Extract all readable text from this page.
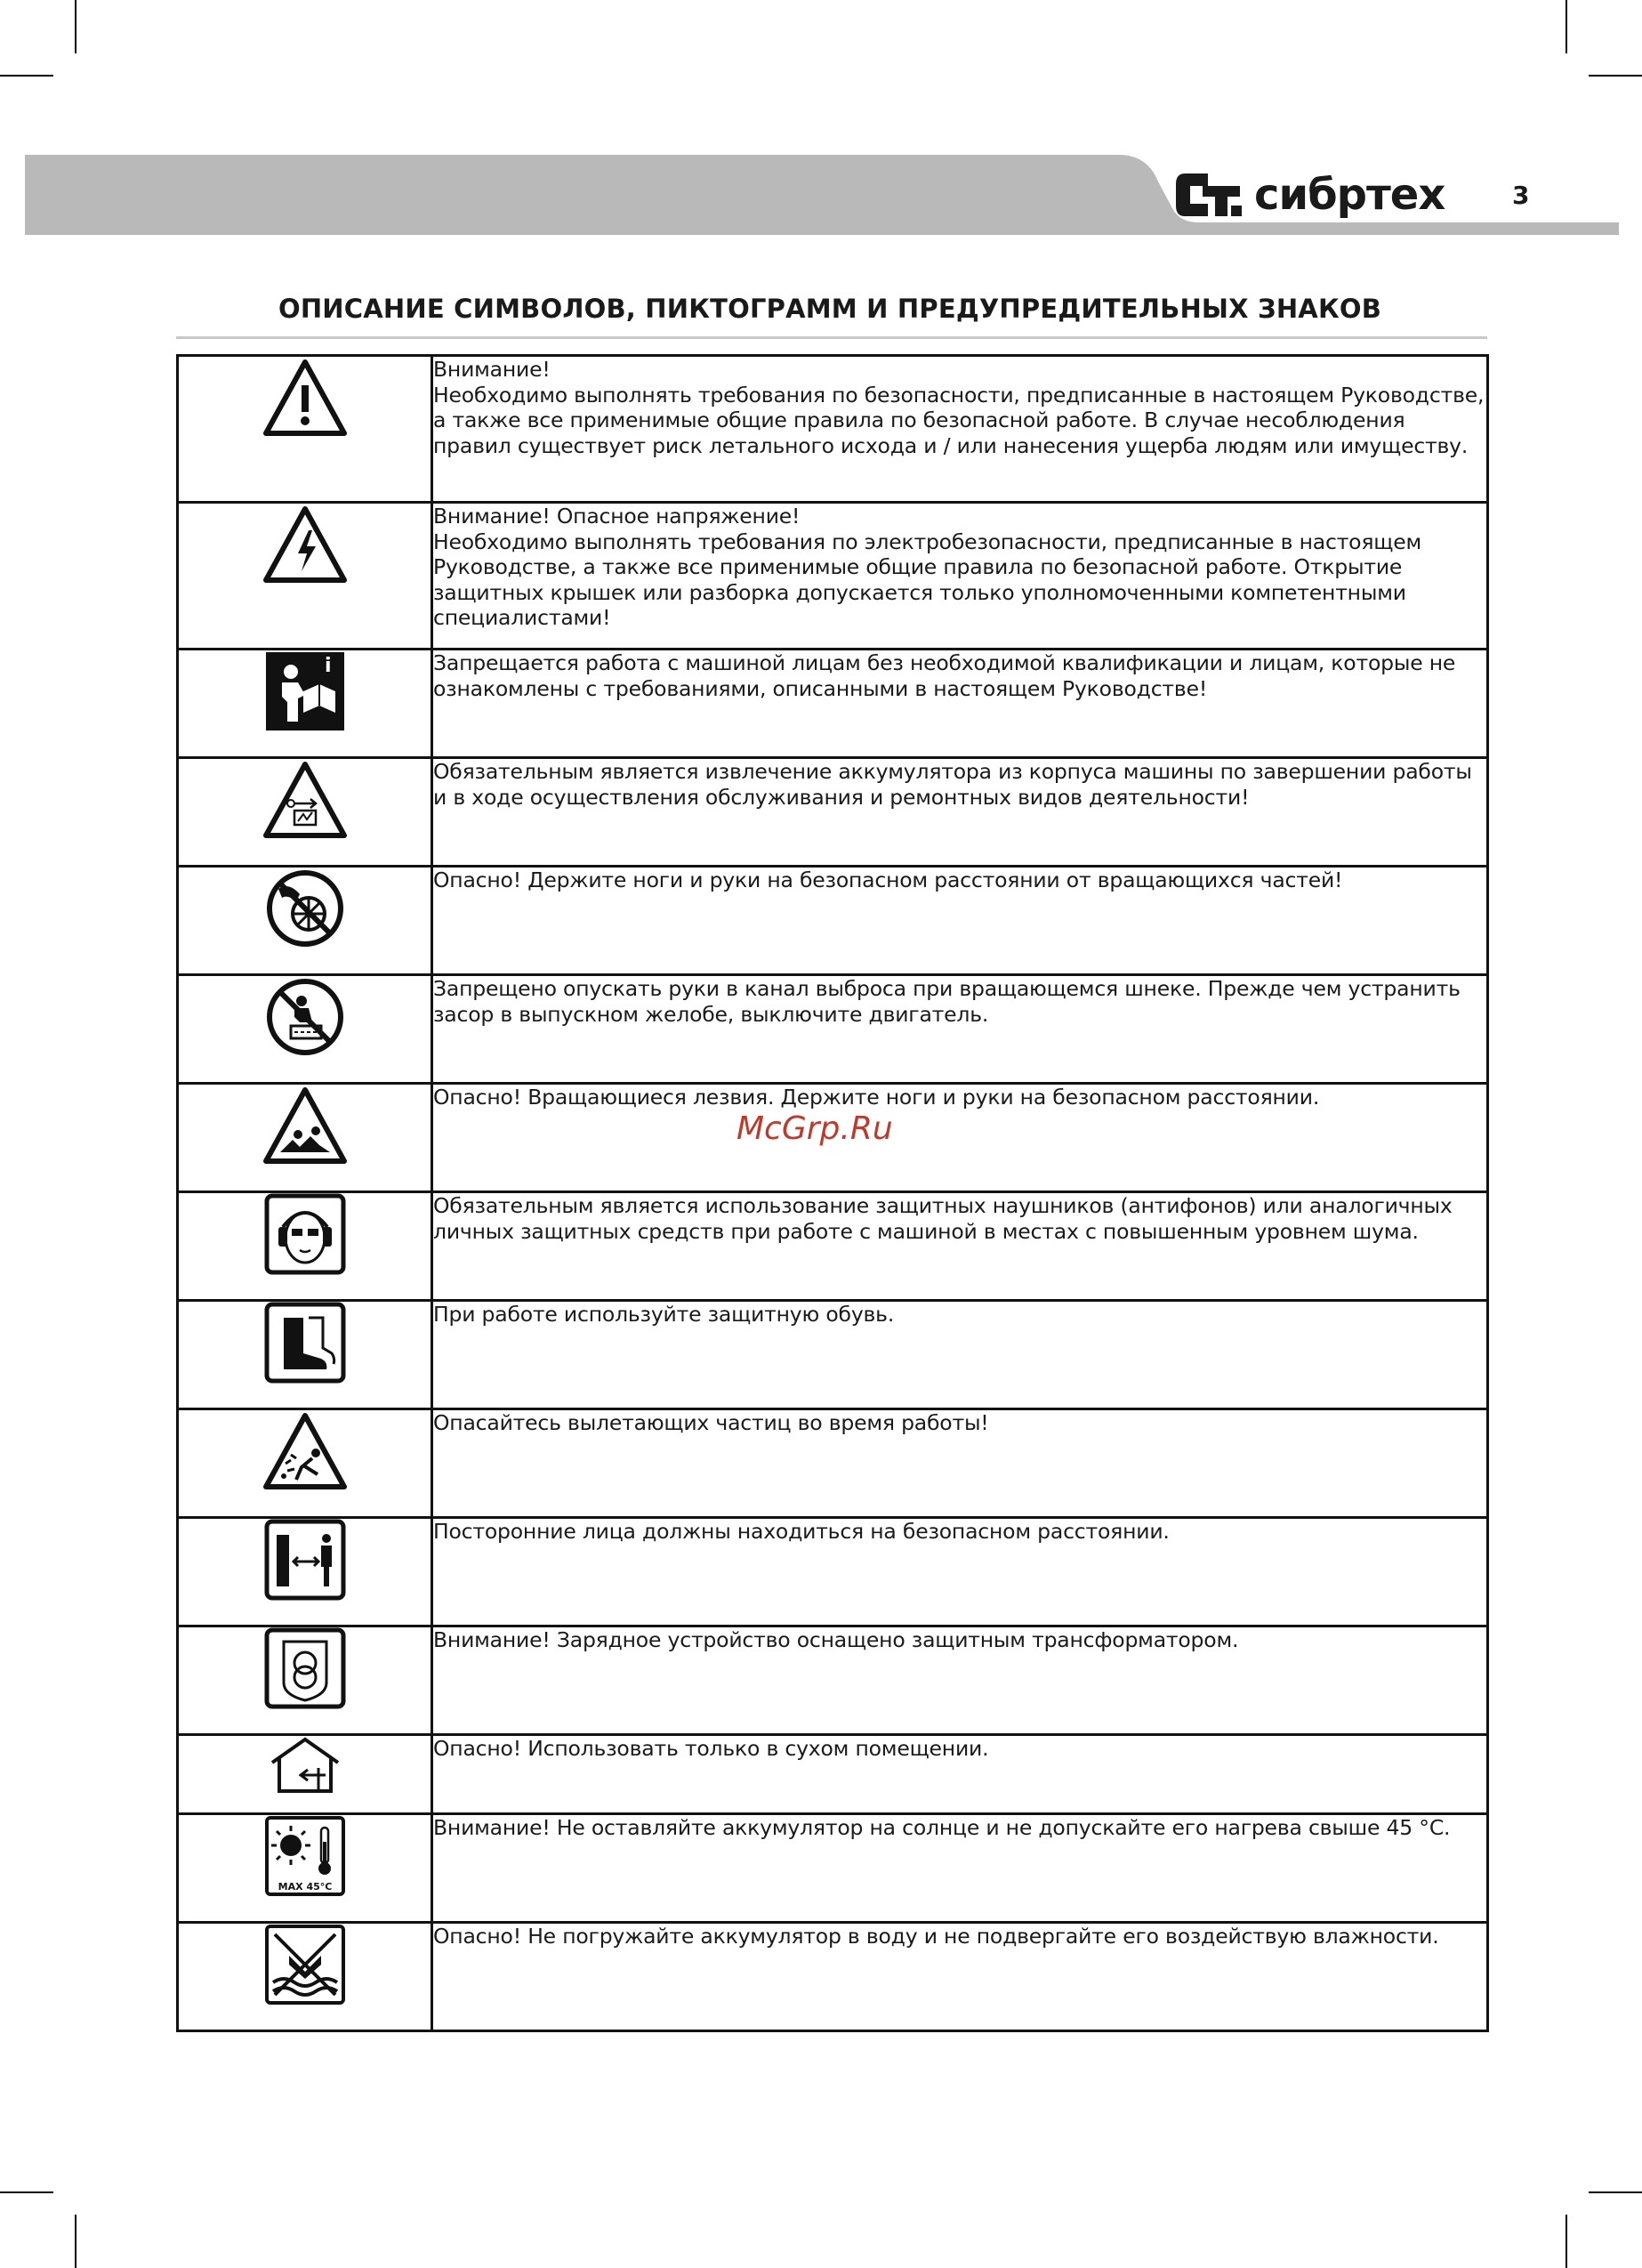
сибртех	3
ОПИСАНИЕ СИМВОЛОВ, ПИКТОГРАММ И ПРЕДУПРЕДИТЕЛЬНЫХ ЗНАКОВ
	Внимание!
Необходимо выполнять требования по безопасности, предписанные в настоящем Руководстве, а также все применимые общие правила по безопасной работе. В случае несоблюдения правил существует риск летального исхода и / или нанесения ущерба людям или имуществу.
	Внимание! Опасное напряжение!
Необходимо выполнять требования по электробезопасности, предписанные в настоящем Руководстве, а также все применимые общие правила по безопасной работе. Открытие защитных крышек или разборка допускается только уполномоченными компетентными специалистами!

i	Запрещается работа с машиной лицам без необходимой квалификации и лицам, которые не ознакомлены с требованиями, описанными в настоящем Руководстве!
	Обязательным является извлечение аккумулятора из корпуса машины по завершении работы и в ходе осуществления обслуживания и ремонтных видов деятельности!
	Опасно! Держите ноги и руки на безопасном расстоянии от вращающихся частей!
	Запрещено опускать руки в канал выброса при вращающемся шнеке. Прежде чем устранить засор в выпускном желобе, выключите двигатель.
	Опасно! Вращающиеся лезвия. Держите ноги и руки на безопасном расстоянии.
	Обязательным является использование защитных наушников (антифонов) или аналогичных личных защитных средств при работе с машиной в местах с повышенным уровнем шума.
	При работе используйте защитную обувь.
	Опасайтесь вылетающих частиц во время работы!
	Посторонние лица должны находиться на безопасном расстоянии.
	Внимание! Зарядное устройство оснащено защитным трансформатором.
	Опасно! Использовать только в сухом помещении.

MAX 45°C	Внимание! Не оставляйте аккумулятор на солнце и не допускайте его нагрева свыше 45 °C.
	Опасно! Не погружайте аккумулятор в воду и не подвергайте его воздействую влажности.
McGrp.Ru
